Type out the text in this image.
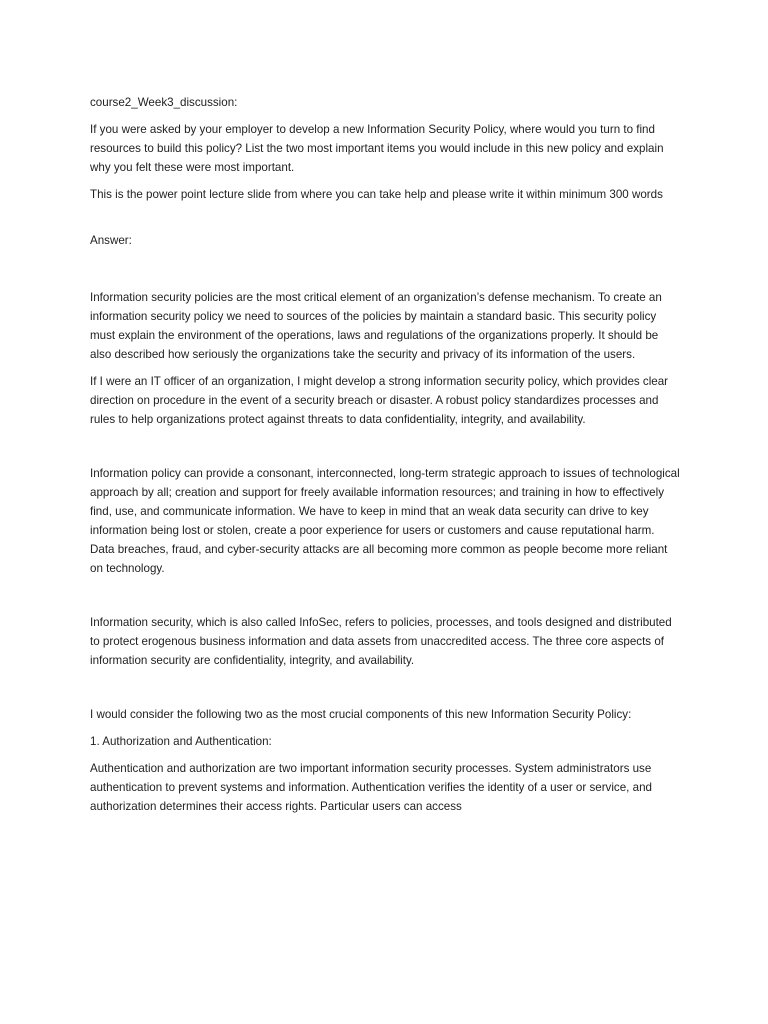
course2_Week3_discussion:

If you were asked by your employer to develop a new Information Security Policy, where would you turn to find resources to build this policy? List the two most important items you would include in this new policy and explain why you felt these were most important.

This is the power point lecture slide from where you can take help and please write it within minimum 300 words

Answer:

Information security policies are the most critical element of an organization’s defense mechanism. To create an information security policy we need to sources of the policies by maintain a standard basic. This security policy must explain the environment of the operations, laws and regulations of the organizations properly. It should be also described how seriously the organizations take the security and privacy of its information of the users.

If I were an IT officer of an organization, I might develop a strong information security policy, which provides clear direction on procedure in the event of a security breach or disaster. A robust policy standardizes processes and rules to help organizations protect against threats to data confidentiality, integrity, and availability.

Information policy can provide a consonant, interconnected, long-term strategic approach to issues of technological approach by all; creation and support for freely available information resources; and training in how to effectively find, use, and communicate information. We have to keep in mind that an weak data security can drive to key information being lost or stolen, create a poor experience for users or customers and cause reputational harm. Data breaches, fraud, and cyber-security attacks are all becoming more common as people become more reliant on technology.

Information security, which is also called InfoSec, refers to policies, processes, and tools designed and distributed to protect erogenous business information and data assets from unaccredited access. The three core aspects of information security are confidentiality, integrity, and availability.

I would consider the following two as the most crucial components of this new Information Security Policy:

1. Authorization and Authentication:

Authentication and authorization are two important information security processes. System administrators use authentication to prevent systems and information. Authentication verifies the identity of a user or service, and authorization determines their access rights. Particular users can access
